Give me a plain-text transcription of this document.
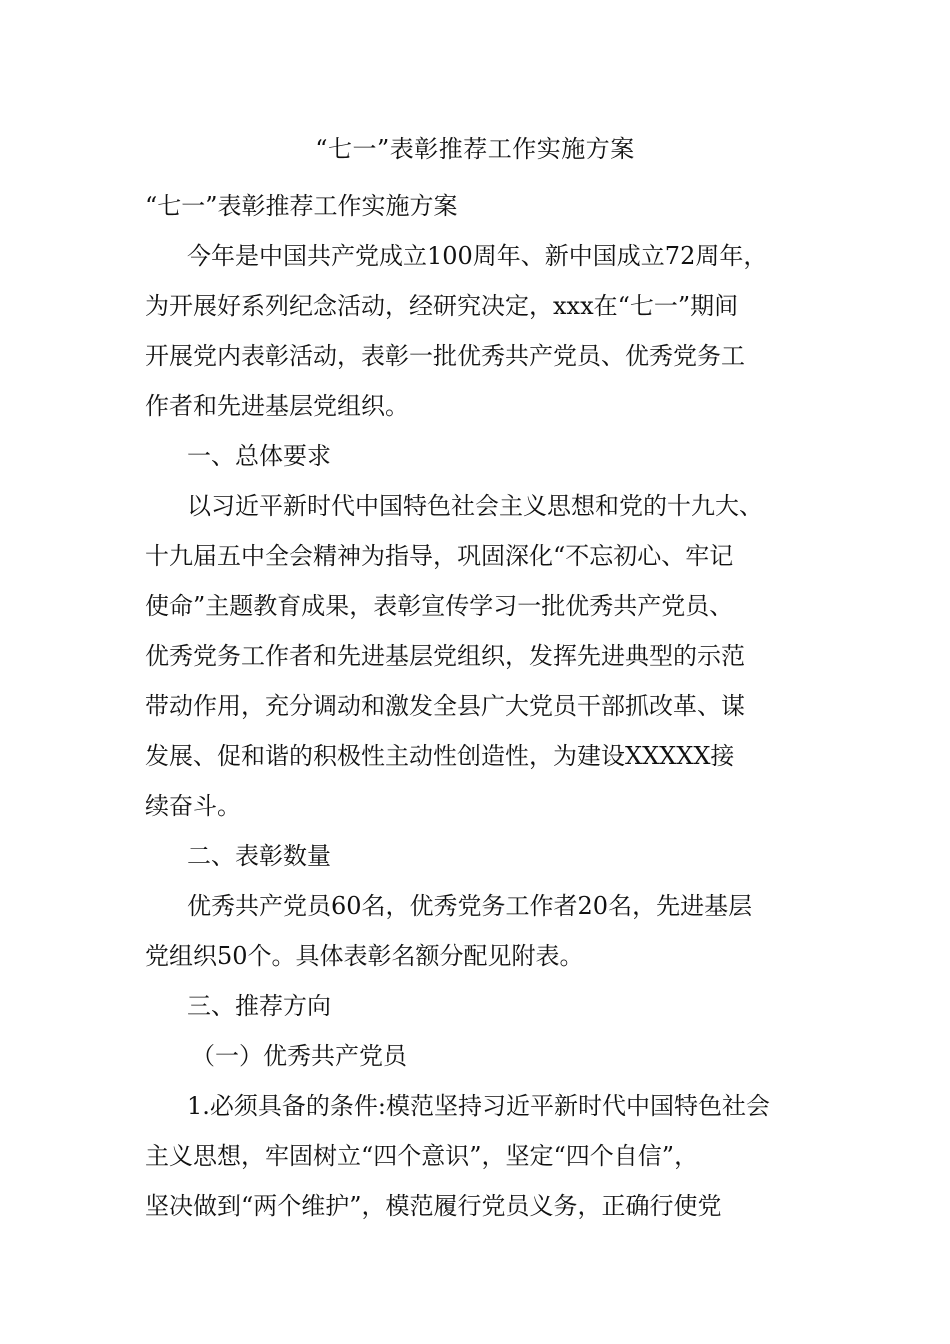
“七一”表彰推荐工作实施方案
“七一”表彰推荐工作实施方案
今年是中国共产党成立100周年、新中国成立72周年，
为开展好系列纪念活动，经研究决定，xxx在“七一”期间
开展党内表彰活动，表彰一批优秀共产党员、优秀党务工
作者和先进基层党组织。
一、总体要求
以习近平新时代中国特色社会主义思想和党的十九大、
十九届五中全会精神为指导，巩固深化“不忘初心、牢记
使命”主题教育成果，表彰宣传学习一批优秀共产党员、
优秀党务工作者和先进基层党组织，发挥先进典型的示范
带动作用，充分调动和激发全县广大党员干部抓改革、谋
发展、促和谐的积极性主动性创造性，为建设XXXXX接
续奋斗。
二、表彰数量
优秀共产党员60名，优秀党务工作者20名，先进基层
党组织50个。具体表彰名额分配见附表。
三、推荐方向
（一）优秀共产党员
1.必须具备的条件:模范坚持习近平新时代中国特色社会
主义思想，牢固树立“四个意识”，坚定“四个自信”，
坚决做到“两个维护”，模范履行党员义务，正确行使党
